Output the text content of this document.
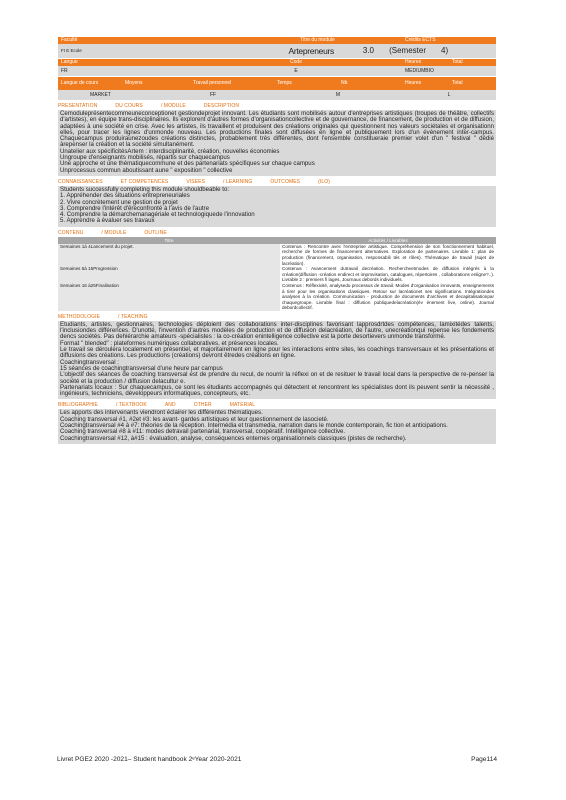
Faculté	Titre du module	Crédits ECTS
FI E Ecole	Artepreneurs	3.0	(Semester	4)
Langue	Code	Heures	Total
FR	E	MEDIUMBIO
Langue de cours	Moyens	Travail personnel	Temps	Nb	Heures	Total
MARKET	FF	M	L
PRESENTATION	DU COURS	/ MODULE	DESCRIPTION

Cemoduleprésentecommeuneconceptionet gestiondeprojet innovant. Les étudiants sont mobilisés autour d'entreprises artistiques (troupes de théâtre, collectifs d'artistes), en équipe trans-disciplinaires. Ils explorent d'autres formes d'organisationcollective et de gouvernance, de financement, de production et de diffusion, adaptées à une société en crise. Avec les artistes, ils travaillent et produisent des créations originales qui questionnent nos valeurs sociétales et organisationn elles, pour tracer les lignes d'unmonde nouveau. Les productions finales sont diffusées en ligne et publiquement lors d'un événement inter-campus. Chaquecampus produiraunezoudes créations distinctes, probablement très différentes, dont l'ensemble constitueraie premier volet d'un " festival " dédié àrepenser la création et la société simultanément.

Unatelier aux spécificitésArtem : interdisciplinarité, création, nouvelles économies

Ungroupe d'enseignants mobilisés, répartis sur chaquecampus

Une approche et une thématiquecommune et des partenariats spécifiques sur chaque campus

Unprocessus commun aboutissant aune " exposition " collective

CONNAISSANCES	ET COMPETENCES	VISEES	/ LEARNING	OUTCOMES	(ILO)

Students successfully completing this module shouldbeable to:

1. Appréhender des situations entrepreneuriales

2. Vivre concrètement une gestion de projet

3. Comprendre l'intérêt d'êreconfronté à l'avis de l'autre

4. Comprendre la démarchemanagériale et technologiquede l'innovation

5. Apprendre à évaluer ses travaux

CONTENU	/ MODULE	OUTLINE
Titre	Activités / Livrables
Semaines 1à 4Lancement du projet.	Contenus : Rencontre avec l'entreprise artistique. Compréhension de son fonctionnement habituel, recherche de formes de financement alternatives. Exploration de partenaires. Livrable 1: plan de production (financement, organisation, responsabili tés et rôles). Thématique de travail (sujet de lacréation).
Semaines 5à 15Progression	Contenus : Avancement dutravail decréation. Rechercheetmodes de diffusion intégrés à la création(diffusion -création endirect et improvisation, catalogues, répertoires , collaborations enligne?..). Livrable 2 : premiers fi lages, Journaux debords individuels.
Semaines 16 à25Finalisation	Contenus : Réflexivité, analysedu processus de travail. Modes d'organisation innovants, enseignements à tirer pour les organisations classiques. Retour sur lacréationet ses significations. Intégrationdes analyses à la création. Communication - production de documents d'archives et decapitalisationpar chaquegroupe. Livrable final : diffusion publiquedelacréation(év énement live, online). Journal debordcollectif.
METHODOLOGIE	/ TEACHING

Etudiants, artistes, gestionnaires, technologies déploient des collaborations inter-disciplines favorisant lapprosdrtdes compétences, lamixitédes talents, l'inclusiondes différences. D'unotté, l'invention d'autres modèles de production et de diffusion delacréation, de l'autre, unecréationqui repense les fondements dencs sociétés. Pas dehiérarchie amateurs -spécialistes : la co-création enintelligence collective est la porte desortievers unmonde transformé.

Format " blended" : plateformes numériques collaboratives, et présences locales.

Le travail se déroulera localement en présentiel, et majoritairement en ligne pour les interactions entre sites, les coachings transversaux et les présentations et diffusions des créations. Les productions (créations) devront êtredes créations en ligne.

Coachingtransversal :

15 séances de coachingtransversal d'une heure par campus

L'objectif des séances de coaching transversal est de prendre du recul, de nourrir la réflexi on et de resituer le travail local dans la perspective de re-penser la société et la production / diffusion delacultur e.

Partenariats locaux : Sur chaquecampus, ce sont les étudiants accompagnés qui détectent et rencontrent les spécialistes dont ils peuvent sentir la nécessité , ingénieurs, techniciens, développeurs informatiques, concepteurs, etc.

BIBLIOGRAPHIE	/ TEXTBOOK	AND	OTHER	MATERIAL

Les apports des intervenants viendront éclairer les différentes thématiques.

Coaching transversal #1, #2et #3: les avant- gardes artistiques et leur questionnement de lasocieté.

Coachingtransversal #4 à #7: théories de la réception. Intermédia et transmedia, narration dans le monde contemporain, fic tion et anticipations.

Coaching transversal #8 à #11: modes detravail partenarial, transversal, coopératif. Intelligence collective.

Coachingtransversal #12, à#15 : évaluation, analyse, conséquences enternes organisationnels classiques (pistes de recherche).

Livret PGE2 2020 -2021– Student handbook 2ᵉYear 2020-2021	Page114
